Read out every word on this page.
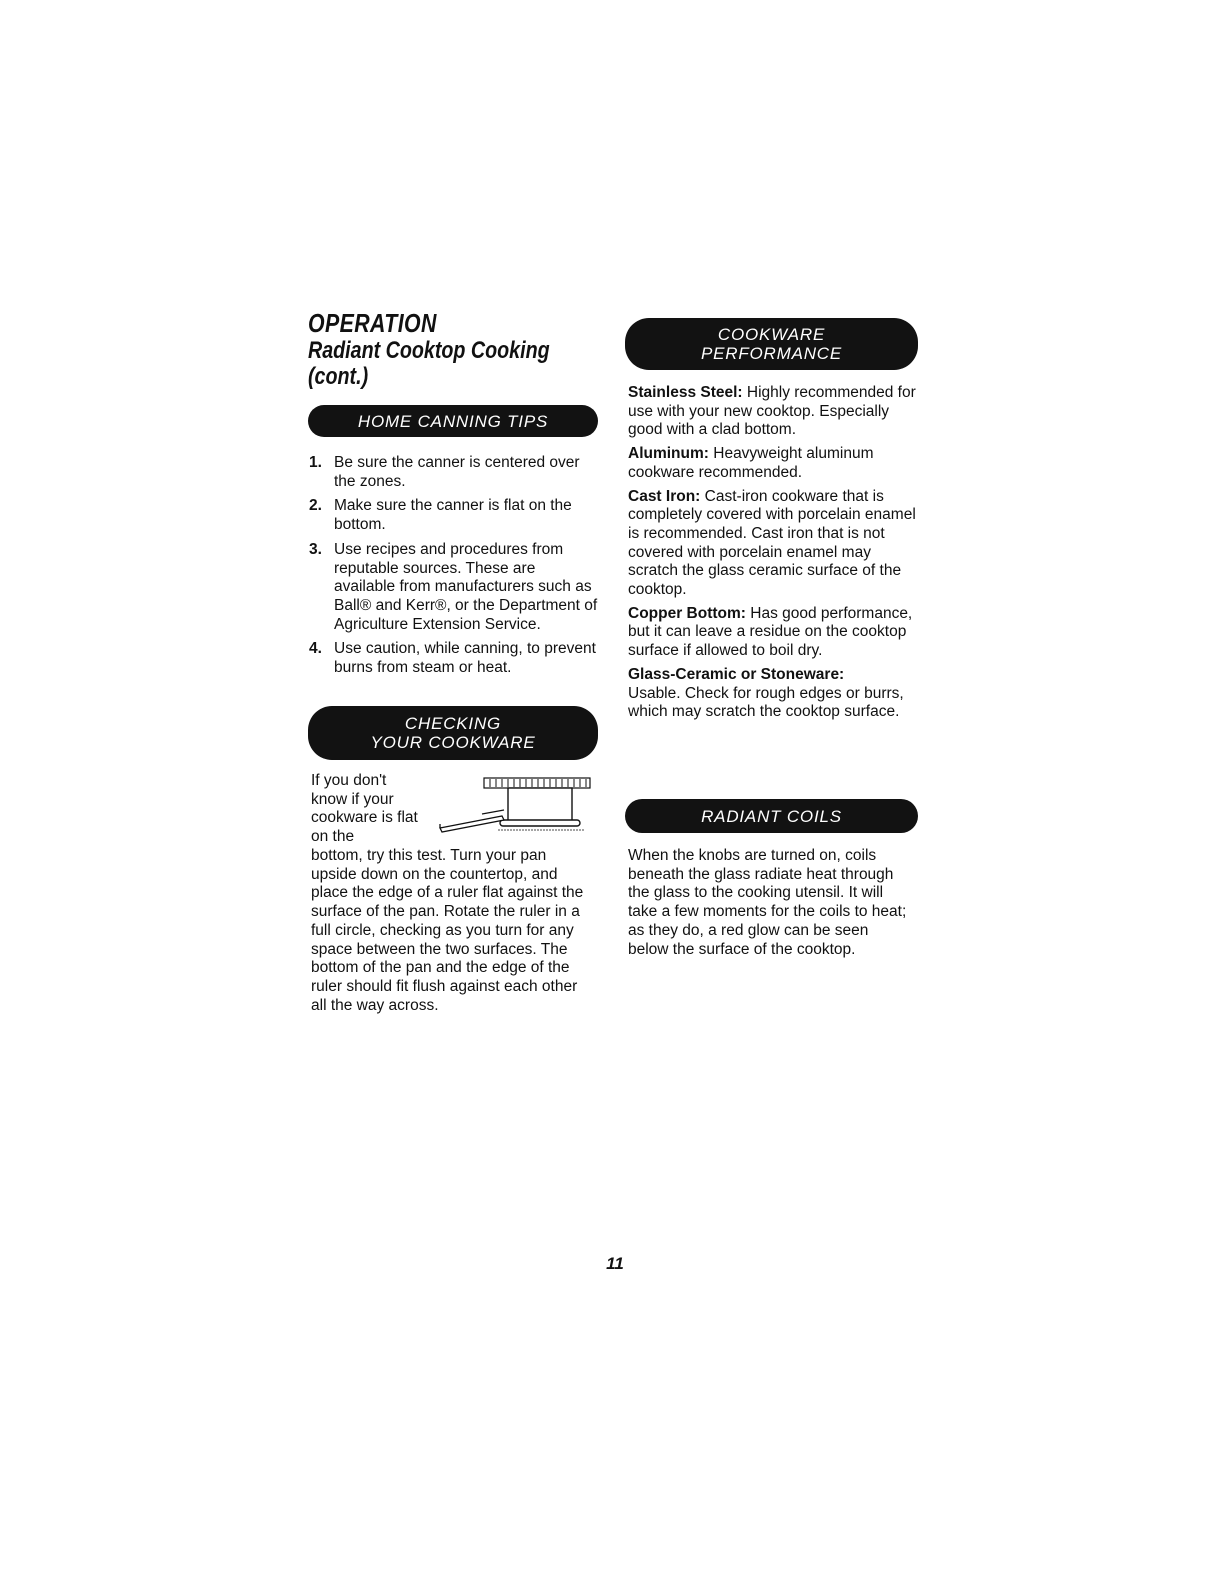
OPERATION
Radiant Cooktop Cooking
(cont.)
HOME CANNING TIPS
1. Be sure the canner is centered over the zones.
2. Make sure the canner is flat on the bottom.
3. Use recipes and procedures from reputable sources. These are available from manufacturers such as Ball® and Kerr®, or the Department of Agriculture Extension Service.
4. Use caution, while canning, to prevent burns from steam or heat.
CHECKING
YOUR COOKWARE
If you don't know if your cookware is flat on the
bottom, try this test. Turn your pan upside down on the countertop, and place the edge of a ruler flat against the surface of the pan. Rotate the ruler in a full circle, checking as you turn for any space between the two surfaces. The bottom of the pan and the edge of the ruler should fit flush against each other all the way across.
COOKWARE
PERFORMANCE

Stainless Steel: Highly recommended for use with your new cooktop. Especially good with a clad bottom.

Aluminum: Heavyweight aluminum cookware recommended.

Cast Iron: Cast-iron cookware that is completely covered with porcelain enamel is recommended. Cast iron that is not covered with porcelain enamel may scratch the glass ceramic surface of the cooktop.

Copper Bottom: Has good performance, but it can leave a residue on the cooktop surface if allowed to boil dry.

Glass-Ceramic or Stoneware:
Usable. Check for rough edges or burrs, which may scratch the cooktop surface.

RADIANT COILS

When the knobs are turned on, coils beneath the glass radiate heat through the glass to the cooking utensil. It will take a few moments for the coils to heat; as they do, a red glow can be seen below the surface of the cooktop.

11
